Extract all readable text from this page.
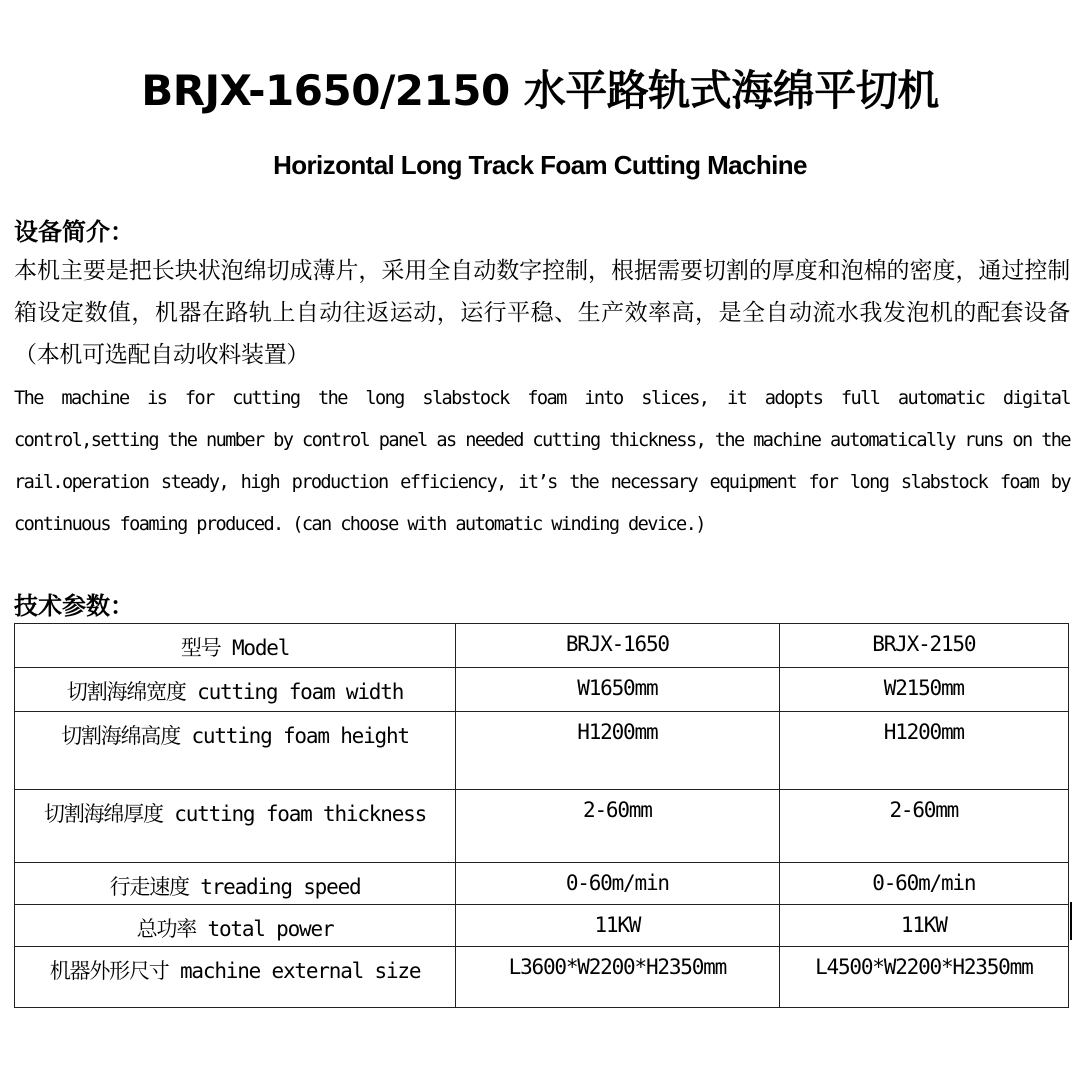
BRJX-1650/2150 水平路轨式海绵平切机
Horizontal Long Track Foam Cutting Machine
设备简介：

本机主要是把长块状泡绵切成薄片，采用全自动数字控制，根据需要切割的厚度和泡棉的密度，通过控制箱设定数值，机器在路轨上自动往返运动，运行平稳、生产效率高，是全自动流水我发泡机的配套设备（本机可选配自动收料装置）

The machine is for cutting the long slabstock foam into slices, it adopts full automatic digital control,setting the number by control panel as needed cutting thickness, the machine automatically runs on the rail.operation steady, high production efficiency, it’s the necessary equipment for long slabstock foam by continuous foaming produced. (can choose with automatic winding device.)

技术参数：
型号 Model	BRJX-1650	BRJX-2150
切割海绵宽度 cutting foam width	W1650mm	W2150mm
切割海绵高度 cutting foam height	H1200mm	H1200mm
切割海绵厚度 cutting foam thickness	2-60mm	2-60mm
行走速度 treading speed	0-60m/min	0-60m/min
总功率 total power	11KW	11KW
机器外形尺寸 machine external size	L3600*W2200*H2350mm	L4500*W2200*H2350mm
